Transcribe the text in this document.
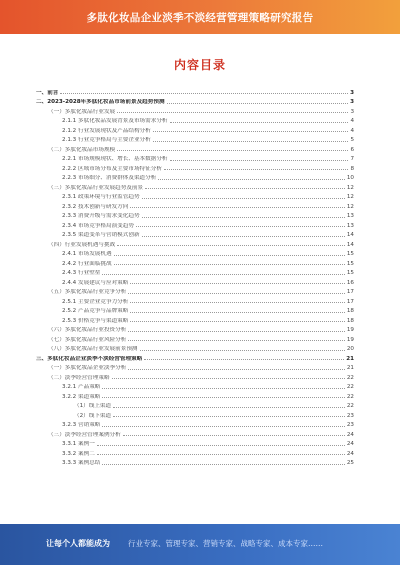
多肽化妆品企业淡季不淡经营管理策略研究报告
内容目录
一、前言	3
二、2023-2028年多肽化妆品市场前景及趋势预测	3
（一）多肽化妆品行业发展	3
2.1.1 多肽化妆品发展背景及市场需求分析	4
2.1.2 行业发展现状及产品结构分析	4
2.1.3 行业竞争格局与主要企业分析	5
（二）多肽化妆品市场规模	6
2.2.1 市场规模现状、增长、基本数据分析	7
2.2.2 区域市场分布及主要市场特征分析	8
2.2.3 市场细分、消费群体及渠道分析	10
（三）多肽化妆品行业发展趋势及前景	12
2.3.1 政策环境与行业监管趋势	12
2.3.2 技术创新与研发方向	12
2.3.3 消费升级与需求变化趋势	13
2.3.4 市场竞争格局演变趋势	13
2.3.5 渠道变革与营销模式创新	14
（四）行业发展机遇与挑战	14
2.4.1 市场发展机遇	15
2.4.2 行业面临挑战	15
2.4.3 行业壁垒	15
2.4.4 发展建议与应对策略	16
（五）多肽化妆品行业竞争分析	17
2.5.1 主要企业竞争力分析	17
2.5.2 产品竞争与品牌策略	18
2.5.3 价格竞争与渠道策略	18
（六）多肽化妆品行业投资分析	19
（七）多肽化妆品行业风险分析	19
（八）多肽化妆品行业发展前景预测	20
三、多肽化妆品企业淡季不淡经营管理策略	21
（一）多肽化妆品企业淡季分析	21
（二）淡季经营管理策略	22
3.2.1 产品策略	22
3.2.2 渠道策略	22
（1）线上渠道	22
（2）线下渠道	23
3.2.3 营销策略	23
（三）淡季经营管理案例分析	24
3.3.1 案例一	24
3.3.2 案例二	24
3.3.3 案例总结	25
让每个人都能成为 行业专家、管理专家、营销专家、战略专家、成本专家……
